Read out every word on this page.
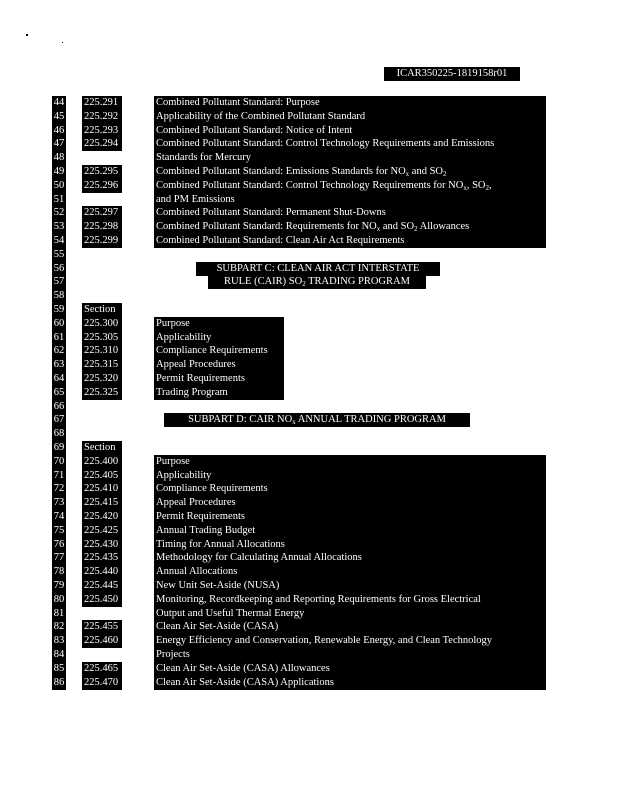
ICAR350225-1819158r01
44 225.291	Combined Pollutant Standard: Purpose
45 225.292	Applicability of the Combined Pollutant Standard
46 225.293	Combined Pollutant Standard: Notice of Intent
47 225.294	Combined Pollutant Standard: Control Technology Requirements and Emissions
48	Standards for Mercury
49 225.295	Combined Pollutant Standard: Emissions Standards for $NO_x$ and $SO_2$
50 225.296	Combined Pollutant Standard: Control Technology Requirements for $NO_x$, $SO_2$,
51	and PM Emissions
52 225.297	Combined Pollutant Standard: Permanent Shut-Downs
53 225.298	Combined Pollutant Standard: Requirements for $NO_x$ and $SO_2$ Allowances
54 225.299	Combined Pollutant Standard: Clean Air Act Requirements
55
56	SUBPART C: CLEAN AIR ACT INTERSTATE
57	RULE (CAIR) $SO_2$ TRADING PROGRAM
58
59 Section
60 225.300	Purpose
61 225.305	Applicability
62 225.310	Compliance Requirements
63 225.315	Appeal Procedures
64 225.320	Permit Requirements
65 225.325	Trading Program
66
67	SUBPART D: CAIR $NO_x$ ANNUAL TRADING PROGRAM
68
69 Section
70 225.400	Purpose
71 225.405	Applicability
72 225.410	Compliance Requirements
73 225.415	Appeal Procedures
74 225.420	Permit Requirements
75 225.425	Annual Trading Budget
76 225.430	Timing for Annual Allocations
77 225.435	Methodology for Calculating Annual Allocations
78 225.440	Annual Allocations
79 225.445	New Unit Set-Aside (NUSA)
80 225.450	Monitoring, Recordkeeping and Reporting Requirements for Gross Electrical
81	Output and Useful Thermal Energy
82 225.455	Clean Air Set-Aside (CASA)
83 225.460	Energy Efficiency and Conservation, Renewable Energy, and Clean Technology
84	Projects
85 225.465	Clean Air Set-Aside (CASA) Allowances
86 225.470	Clean Air Set-Aside (CASA) Applications
